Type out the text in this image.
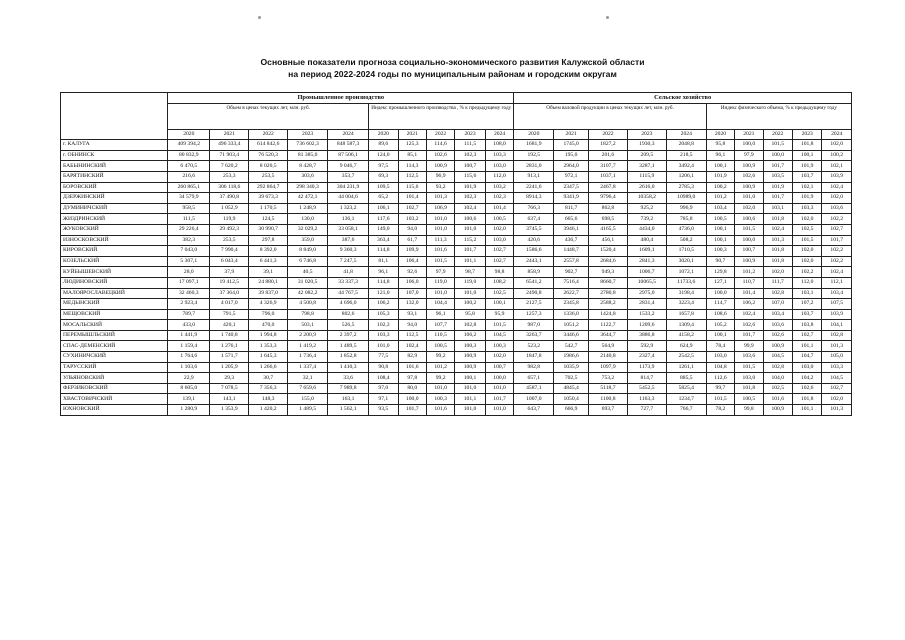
Основные показатели прогноза социально-экономического развития Калужской области
на период 2022-2024 годы по муниципальным районам и городским округам
	Промышленное производство										Сельское хозяйство									
	Объем в ценах текущих лет, млн. руб.					Индекс промышленного производства , % к предыдущему году					Объем валовой продукции в ценах текущих лет, млн. руб.					Индекс физического объема, % к предыдущему году				
	2020	2021	2022	2023	2024	2020	2021	2022	2023	2024	2020	2021	2022	2023	2024	2020	2021	2022	2023	2024
г. КАЛУГА	409 394,2	496 333,4	614 842,6	736 602,3	848 587,3	89,6	125,3	114,6	111,5	108,0	1681,9	1745,0	1827,2	1930,3	2048,8	95,8	100,0	101,5	101,8	102,0
г. ОБНИНСК	80 832,9	71 903,4	76 520,3	81 385,0	87 506,1	124,0	85,1	102,6	102,3	103,3	192,5	195,0	201,6	209,5	218,5	96,1	97,9	100,0	100,1	100,2
БАБЫНИНСКИЙ	6 470,5	7 620,2	8 020,5	8 428,7	9 046,7	97,5	114,3	100,9	100,7	103,0	2831,0	2964,0	3107,7	3287,1	3492,4	100,1	100,9	101,7	101,9	102,1
БАРЯТИНСКИЙ	216,6	253,3	253,5	303,6	353,7	69,3	112,5	96,9	115,6	112,0	913,1	972,1	1037,1	1115,9	1206,1	101,9	102,6	103,5	103,7	103,9
БОРОВСКИЙ	260 865,1	306 118,6	292 864,7	298 340,3	304 231,9	109,5	115,6	93,2	101,9	103,2	2241,6	2347,5	2467,8	2616,0	2785,3	100,2	100,9	101,9	102,1	102,4
ДЗЕРЖИНСКИЙ	34 579,9	37 490,8	39 673,3	42 472,1	44 004,6	65,2	101,4	101,3	102,3	102,3	8914,3	9341,9	9796,4	10358,2	10989,0	101,2	101,0	101,7	101,9	102,0
ДУМИНИЧСКИЙ	958,5	1 052,9	1 170,5	1 248,9	1 323,2	106,1	102,7	106,9	102,4	101,4	766,3	811,7	862,8	925,2	996,9	103,4	102,0	103,1	103,3	103,6
ЖИЗДРИНСКИЙ	111,5	119,9	124,5	130,0	136,1	117,6	103,2	101,0	100,6	100,5	637,4	665,6	698,5	739,2	785,8	100,5	100,6	101,8	102,0	102,2
ЖУКОВСКИЙ	29 226,4	29 492,3	30 990,7	32 029,2	33 058,1	149,0	94,0	101,0	101,0	102,0	3745,5	3946,1	4165,5	4434,0	4736,0	100,1	101,5	102,4	102,5	102,7
ИЗНОСКОВСКИЙ	382,3	253,5	297,8	359,0	387,6	363,4	61,7	111,3	115,2	103,0	420,6	436,7	456,1	480,4	508,2	100,1	100,0	101,3	101,5	101,7
КИРОВСКИЙ	7 043,0	7 990,4	8 392,0	8 849,0	9 360,3	114,8	109,9	101,6	101,7	102,7	1586,6	1448,7	1520,4	1609,1	1710,5	100,3	100,7	101,8	102,0	102,2
КОЗЕЛЬСКИЙ	5 307,1	6 043,4	6 441,3	6 746,8	7 247,5	81,1	106,4	101,5	101,1	102,7	2443,1	2557,8	2684,6	2841,3	3020,1	90,7	100,9	101,8	102,0	102,2
КУЙБЫШЕВСКИЙ	28,0	37,9	39,1	40,5	41,8	96,1	92,6	97,9	98,7	98,8	858,9	902,7	949,3	1006,7	1072,1	129,8	101,2	102,0	102,2	102,4
ЛЮДИНОВСКИЙ	17 097,1	19 412,5	24 880,1	31 020,5	33 337,3	114,8	106,0	119,0	119,0	108,2	6541,2	7516,4	8660,7	10065,5	11733,6	127,1	110,7	111,7	112,0	112,1
МАЛОЯРОСЛАВЕЦКИЙ	32 460,3	37 364,0	39 837,0	42 082,2	44 767,5	121,0	107,0	101,0	101,0	102,5	2490,8	2622,7	2780,8	2975,0	3198,4	100,0	101,4	102,8	103,1	103,4
МЕДЫНСКИЙ	2 923,4	4 017,0	4 326,9	4 500,8	4 696,0	106,2	132,0	104,4	100,2	100,1	2127,5	2345,8	2588,2	2831,4	3223,4	114,7	106,2	107,0	107,2	107,5
МЕЩОВСКИЙ	789,7	791,5	796,0	798,8	802,6	105,3	93,1	96,1	95,8	95,9	1257,3	1336,0	1424,8	1533,2	1657,8	108,6	102,4	103,4	103,7	103,9
МОСАЛЬСКИЙ	433,0	420,1	470,0	503,1	526,5	102,3	94,0	107,7	102,8	101,5	987,0	1051,2	1122,7	1209,6	1309,4	105,2	102,6	103,6	103,8	104,1
ПЕРЕМЫШЛЬСКИЙ	1 441,9	1 740,8	1 994,8	2 200,9	2 397,2	103,3	112,5	110,5	106,2	104,5	3263,7	3446,6	3644,7	3886,8	4158,2	100,1	101,7	102,6	102,7	102,8
СПАС-ДЕМЕНСКИЙ	1 159,4	1 276,1	1 353,3	1 419,2	1 489,5	101,0	102,4	100,5	100,3	100,3	523,2	542,7	564,9	592,9	624,9	78,4	99,9	100,9	101,1	101,3
СУХИНИЧСКИЙ	1 764,6	1 571,7	1 645,3	1 736,4	1 852,8	77,5	82,9	99,2	100,9	102,0	1847,8	1986,6	2140,8	2327,4	2542,5	103,0	103,6	104,5	104,7	105,0
ТАРУССКИЙ	1 103,6	1 205,9	1 266,6	1 337,4	1 410,3	90,8	101,6	101,2	100,9	100,7	982,8	1035,9	1097,9	1173,9	1261,1	104,8	101,5	102,8	103,0	103,3
УЛЬЯНОВСКИЙ	22,9	29,3	30,7	32,1	33,6	108,4	97,8	99,2	100,1	100,0	657,1	702,5	753,2	814,7	885,5	112,6	103,0	104,0	104,2	104,5
ФЕРЗИКОВСКИЙ	8 605,0	7 078,5	7 356,3	7 659,6	7 989,8	97,0	80,0	101,0	101,0	101,0	4587,1	4845,4	5118,7	5452,5	5825,4	99,7	101,8	102,5	102,6	102,7
ХВАСТОВИЧСКИЙ	139,1	143,1	148,3	155,0	163,1	97,1	100,0	100,3	101,1	101,7	1007,0	1050,4	1100,8	1163,3	1234,7	101,5	100,5	101,6	101,8	102,0
ЮХНОВСКИЙ	1 280,9	1 353,9	1 420,2	1 489,5	1 562,1	93,5	101,7	101,6	101,0	101,0	643,7	666,9	693,7	727,7	766,7	78,2	99,8	100,9	101,1	101,3
